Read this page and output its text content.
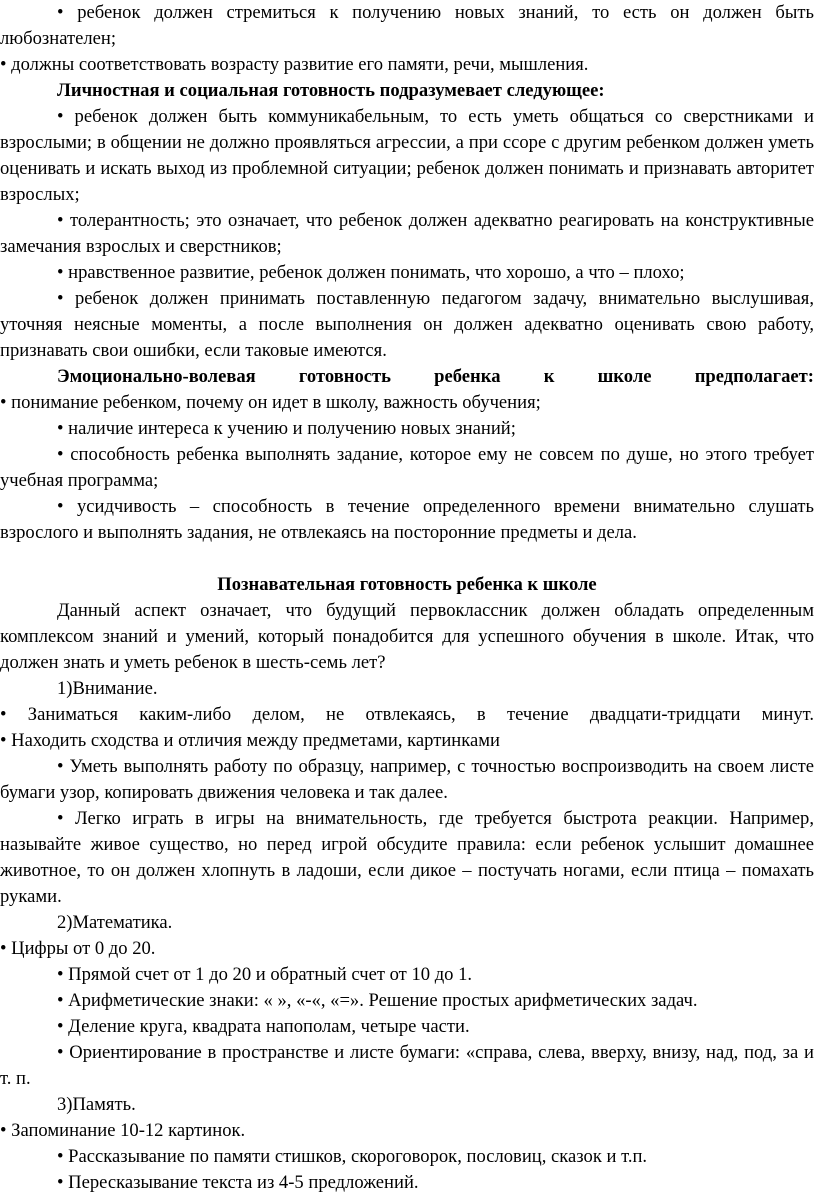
• ребенок должен стремиться к получению новых знаний, то есть он должен быть любознателен;

• должны соответствовать возрасту развитие его памяти, речи, мышления.

Личностная и социальная готовность подразумевает следующее:

• ребенок должен быть коммуникабельным, то есть уметь общаться со сверстниками и взрослыми; в общении не должно проявляться агрессии, а при ссоре с другим ребенком должен уметь оценивать и искать выход из проблемной ситуации; ребенок должен понимать и признавать авторитет взрослых;

• толерантность; это означает, что ребенок должен адекватно реагировать на конструктивные замечания взрослых и сверстников;

• нравственное развитие, ребенок должен понимать, что хорошо, а что – плохо;

• ребенок должен принимать поставленную педагогом задачу, внимательно выслушивая, уточняя неясные моменты, а после выполнения он должен адекватно оценивать свою работу, признавать свои ошибки, если таковые имеются.

Эмоционально-волевая готовность ребенка к школе предполагает:

• понимание ребенком, почему он идет в школу, важность обучения;

• наличие интереса к учению и получению новых знаний;

• способность ребенка выполнять задание, которое ему не совсем по душе, но этого требует учебная программа;

• усидчивость – способность в течение определенного времени внимательно слушать взрослого и выполнять задания, не отвлекаясь на посторонние предметы и дела.

Познавательная готовность ребенка к школе

Данный аспект означает, что будущий первоклассник должен обладать определенным комплексом знаний и умений, который понадобится для успешного обучения в школе. Итак, что должен знать и уметь ребенок в шесть-семь лет?

1)Внимание.

• Заниматься каким-либо делом, не отвлекаясь, в течение двадцати-тридцати минут.

• Находить сходства и отличия между предметами, картинками

• Уметь выполнять работу по образцу, например, с точностью воспроизводить на своем листе бумаги узор, копировать движения человека и так далее.

• Легко играть в игры на внимательность, где требуется быстрота реакции. Например, называйте живое существо, но перед игрой обсудите правила: если ребенок услышит домашнее животное, то он должен хлопнуть в ладоши, если дикое – постучать ногами, если птица – помахать руками.

2)Математика.

• Цифры от 0 до 20.

• Прямой счет от 1 до 20 и обратный счет от 10 до 1.

• Арифметические знаки: « », «-«, «=». Решение простых арифметических задач.

• Деление круга, квадрата напополам, четыре части.

• Ориентирование в пространстве и листе бумаги: «справа, слева, вверху, внизу, над, под, за и т. п.

3)Память.

• Запоминание 10-12 картинок.

• Рассказывание по памяти стишков, скороговорок, пословиц, сказок и т.п.

• Пересказывание текста из 4-5 предложений.
